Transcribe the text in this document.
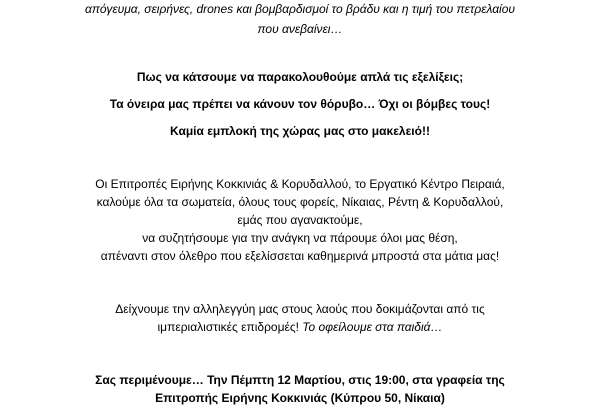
απόγευμα, σειρήνες, drones και βομβαρδισμοί το βράδυ και η τιμή του πετρελαίου
που ανεβαίνει…
Πως να κάτσουμε να παρακολουθούμε απλά τις εξελίξεις;
Τα όνειρα μας πρέπει να κάνουν τον θόρυβο… Όχι οι βόμβες τους!
Καμία εμπλοκή της χώρας μας στο μακελειό!!
Οι Επιτροπές Ειρήνης Κοκκινιάς & Κορυδαλλού, το Εργατικό Κέντρο Πειραιά,
καλούμε όλα τα σωματεία, όλους τους φορείς, Νίκαιας, Ρέντη & Κορυδαλλού,
εμάς που αγανακτούμε,
να συζητήσουμε για την ανάγκη να πάρουμε όλοι μας θέση,
απέναντι στον όλεθρο που εξελίσσεται καθημερινά μπροστά στα μάτια μας!
Δείχνουμε την αλληλεγγύη μας στους λαούς που δοκιμάζονται από τις
ιμπεριαλιστικές επιδρομές! Το οφείλουμε στα παιδιά…
Σας περιμένουμε… Την Πέμπτη 12 Μαρτίου, στις 19:00, στα γραφεία της
Επιτροπής Ειρήνης Κοκκινιάς (Κύπρου 50, Νίκαια)
